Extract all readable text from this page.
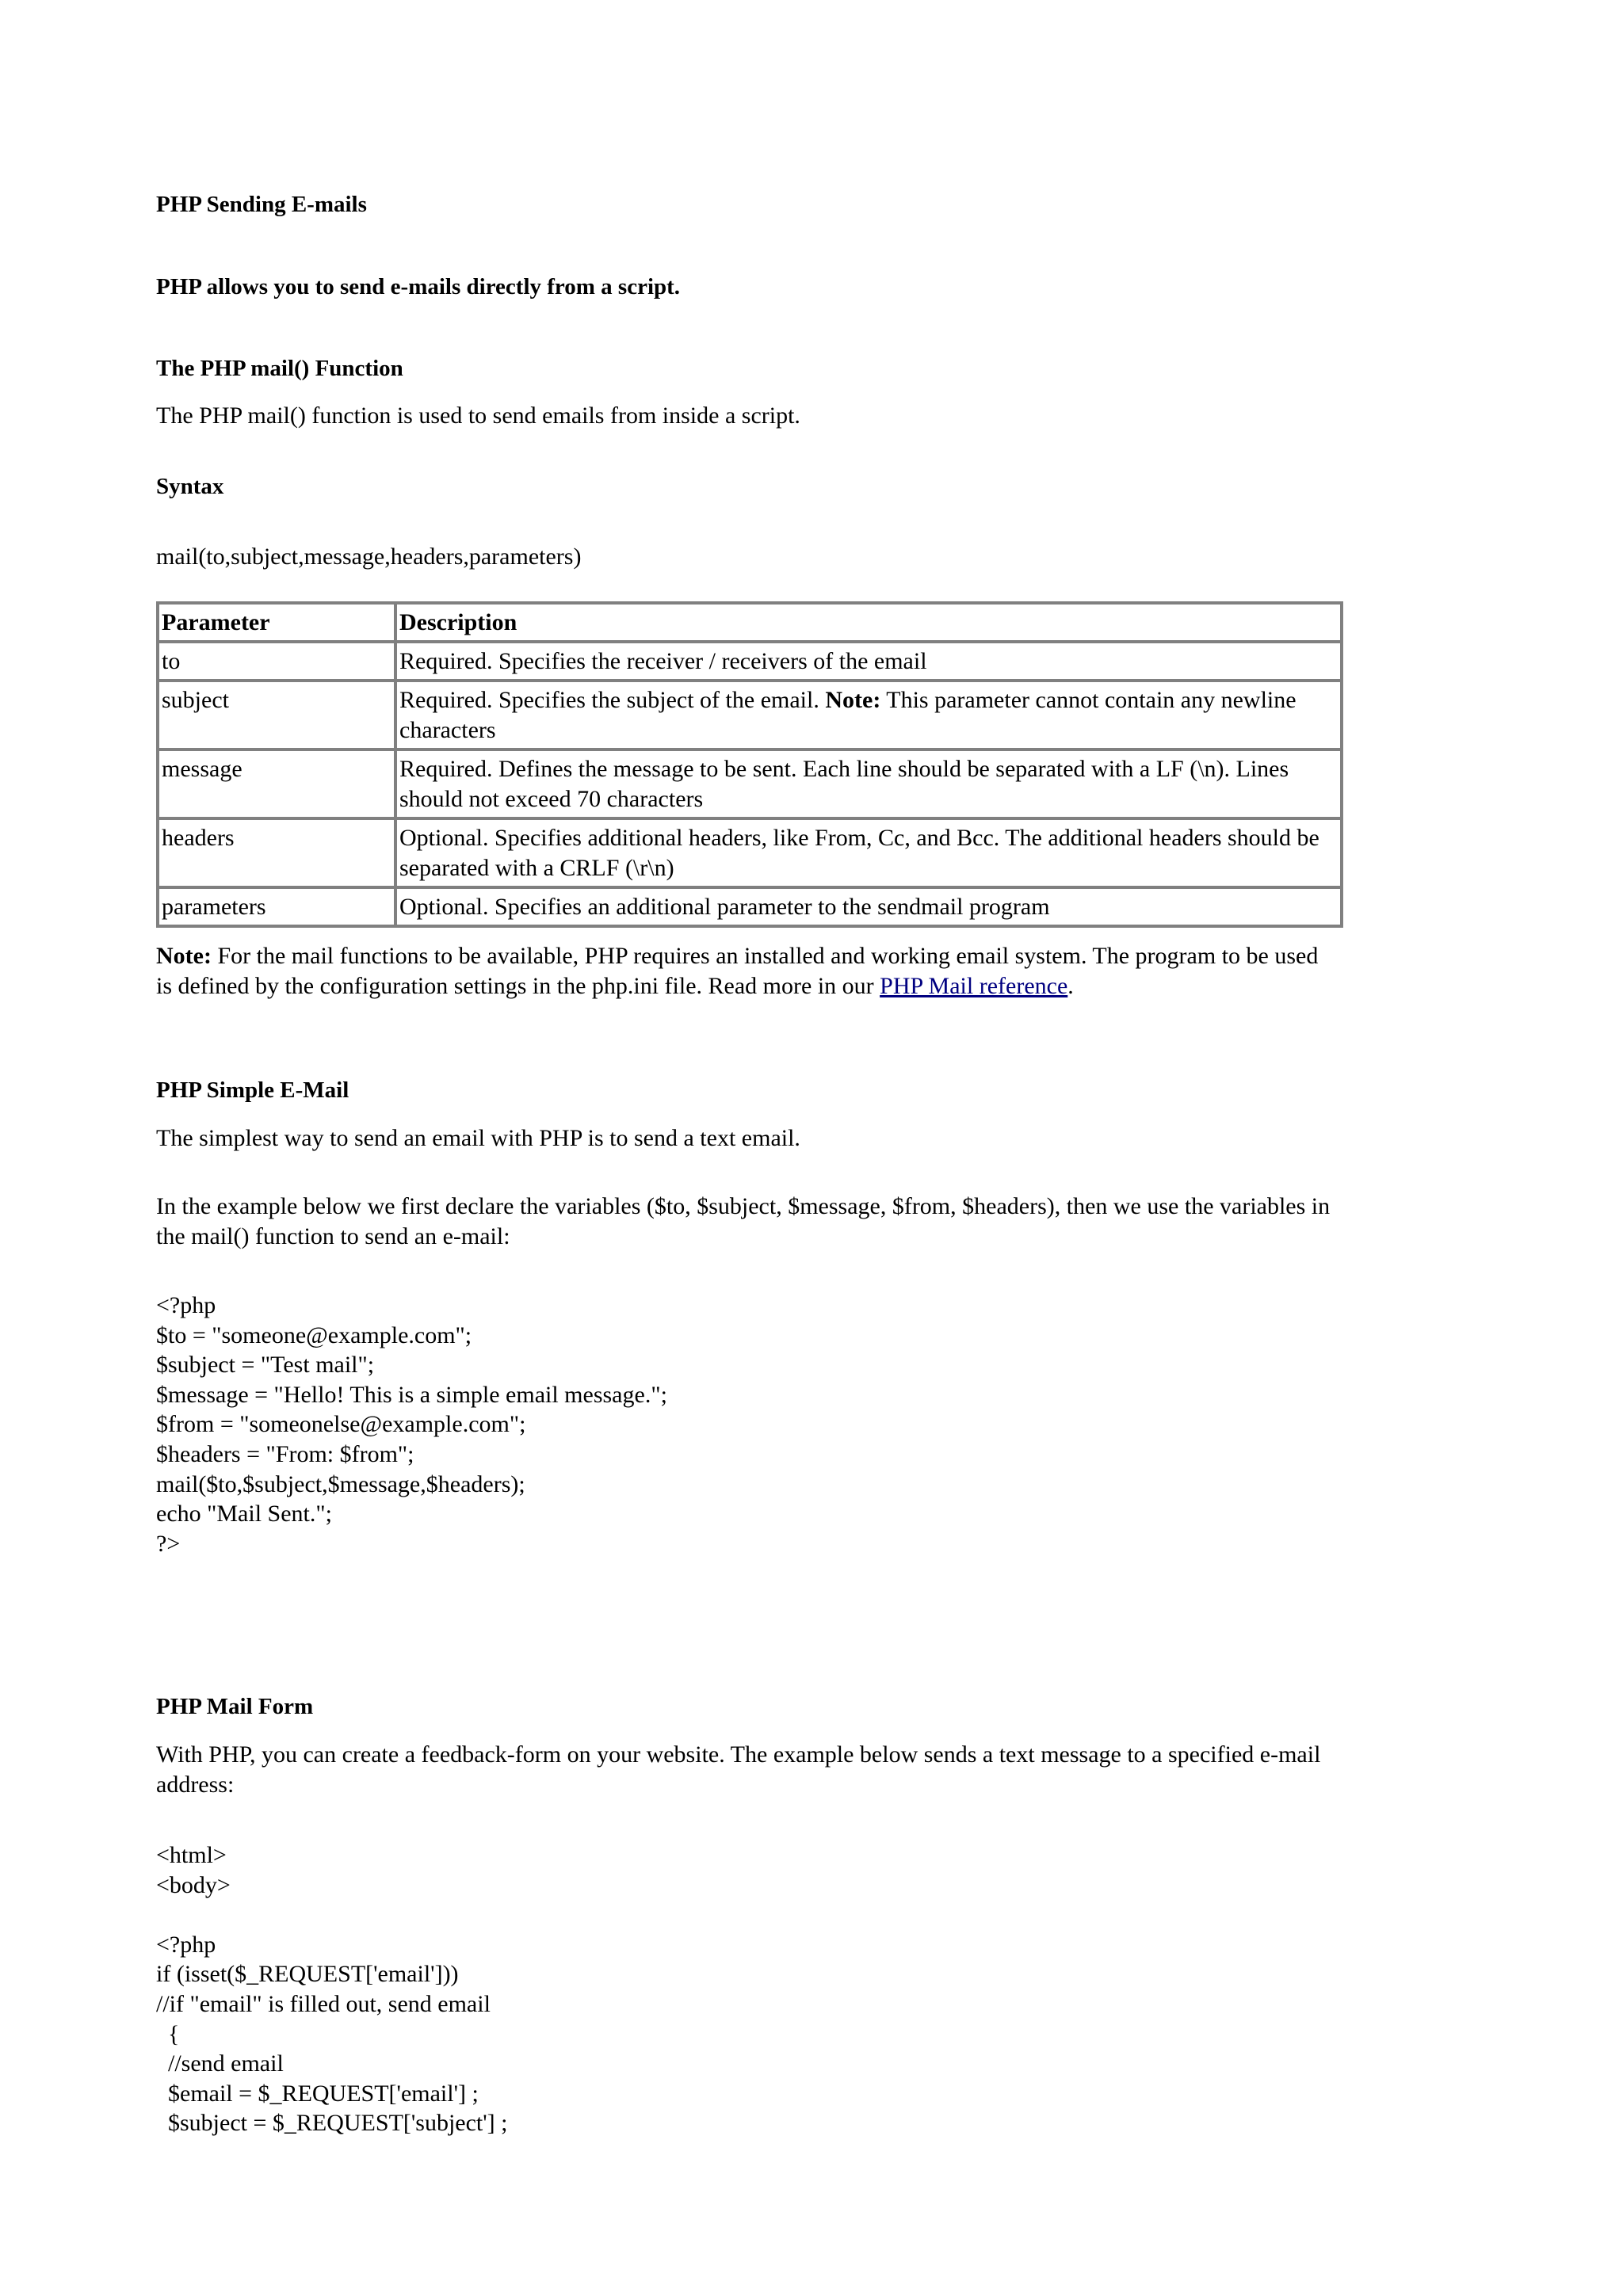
PHP Sending E-mails
PHP allows you to send e-mails directly from a script.
The PHP mail() Function
The PHP mail() function is used to send emails from inside a script.
Syntax
mail(to,subject,message,headers,parameters)
Parameter	Description
to	Required. Specifies the receiver / receivers of the email
subject	Required. Specifies the subject of the email. Note: This parameter cannot contain any newline characters
message	Required. Defines the message to be sent. Each line should be separated with a LF (\n). Lines should not exceed 70 characters
headers	Optional. Specifies additional headers, like From, Cc, and Bcc. The additional headers should be separated with a CRLF (\r\n)
parameters	Optional. Specifies an additional parameter to the sendmail program
Note: For the mail functions to be available, PHP requires an installed and working email system. The program to be used is defined by the configuration settings in the php.ini file. Read more in our PHP Mail reference.
PHP Simple E-Mail
The simplest way to send an email with PHP is to send a text email.
In the example below we first declare the variables ($to, $subject, $message, $from, $headers), then we use the variables in the mail() function to send an e-mail:
<?php
$to = "someone@example.com";
$subject = "Test mail";
$message = "Hello! This is a simple email message.";
$from = "someonelse@example.com";
$headers = "From: $from";
mail($to,$subject,$message,$headers);
echo "Mail Sent.";
?>
PHP Mail Form
With PHP, you can create a feedback-form on your website. The example below sends a text message to a specified e-mail address:
<html>
<body>

<?php
if (isset($_REQUEST['email']))
//if "email" is filled out, send email
{
//send email
$email = $_REQUEST['email'] ;
$subject = $_REQUEST['subject'] ;
